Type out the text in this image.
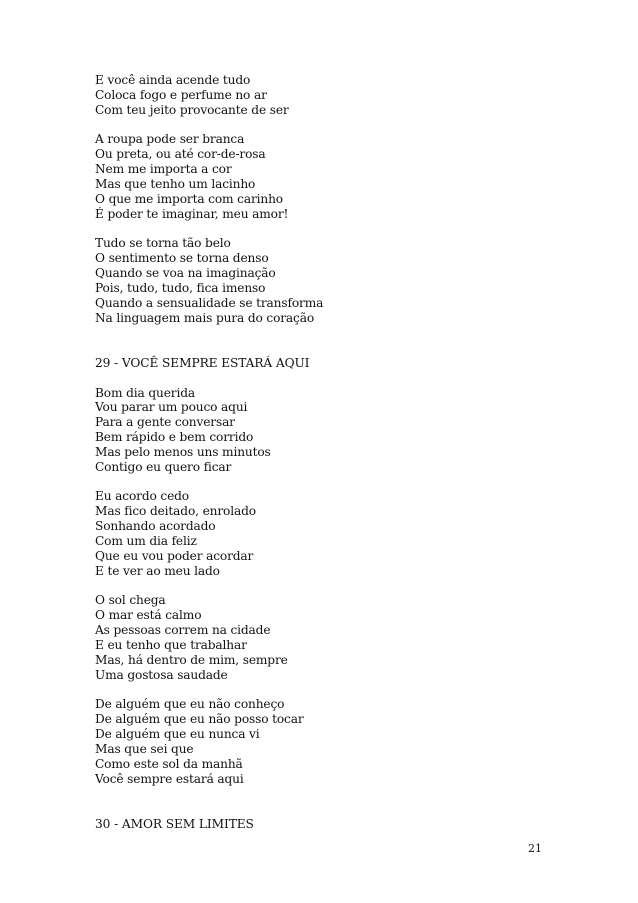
E você ainda acende tudo
Coloca fogo e perfume no ar
Com teu jeito provocante de ser
A roupa pode ser branca
Ou preta, ou até cor-de-rosa
Nem me importa a cor
Mas que tenho um lacinho
O que me importa com carinho
É poder te imaginar, meu amor!
Tudo se torna tão belo
O sentimento se torna denso
Quando se voa na imaginação
Pois, tudo, tudo, fica imenso
Quando a sensualidade se transforma
Na linguagem mais pura do coração
29 - VOCÊ SEMPRE ESTARÁ AQUI
Bom dia querida
Vou parar um pouco aqui
Para a gente conversar
Bem rápido e bem corrido
Mas pelo menos uns minutos
Contigo eu quero ficar
Eu acordo cedo
Mas fico deitado, enrolado
Sonhando acordado
Com um dia feliz
Que eu vou poder acordar
E te ver ao meu lado
O sol chega
O mar está calmo
As pessoas correm na cidade
E eu tenho que trabalhar
Mas, há dentro de mim, sempre
Uma gostosa saudade
De alguém que eu não conheço
De alguém que eu não posso tocar
De alguém que eu nunca vi
Mas que sei que
Como este sol da manhã
Você sempre estará aqui
30 - AMOR SEM LIMITES
21
